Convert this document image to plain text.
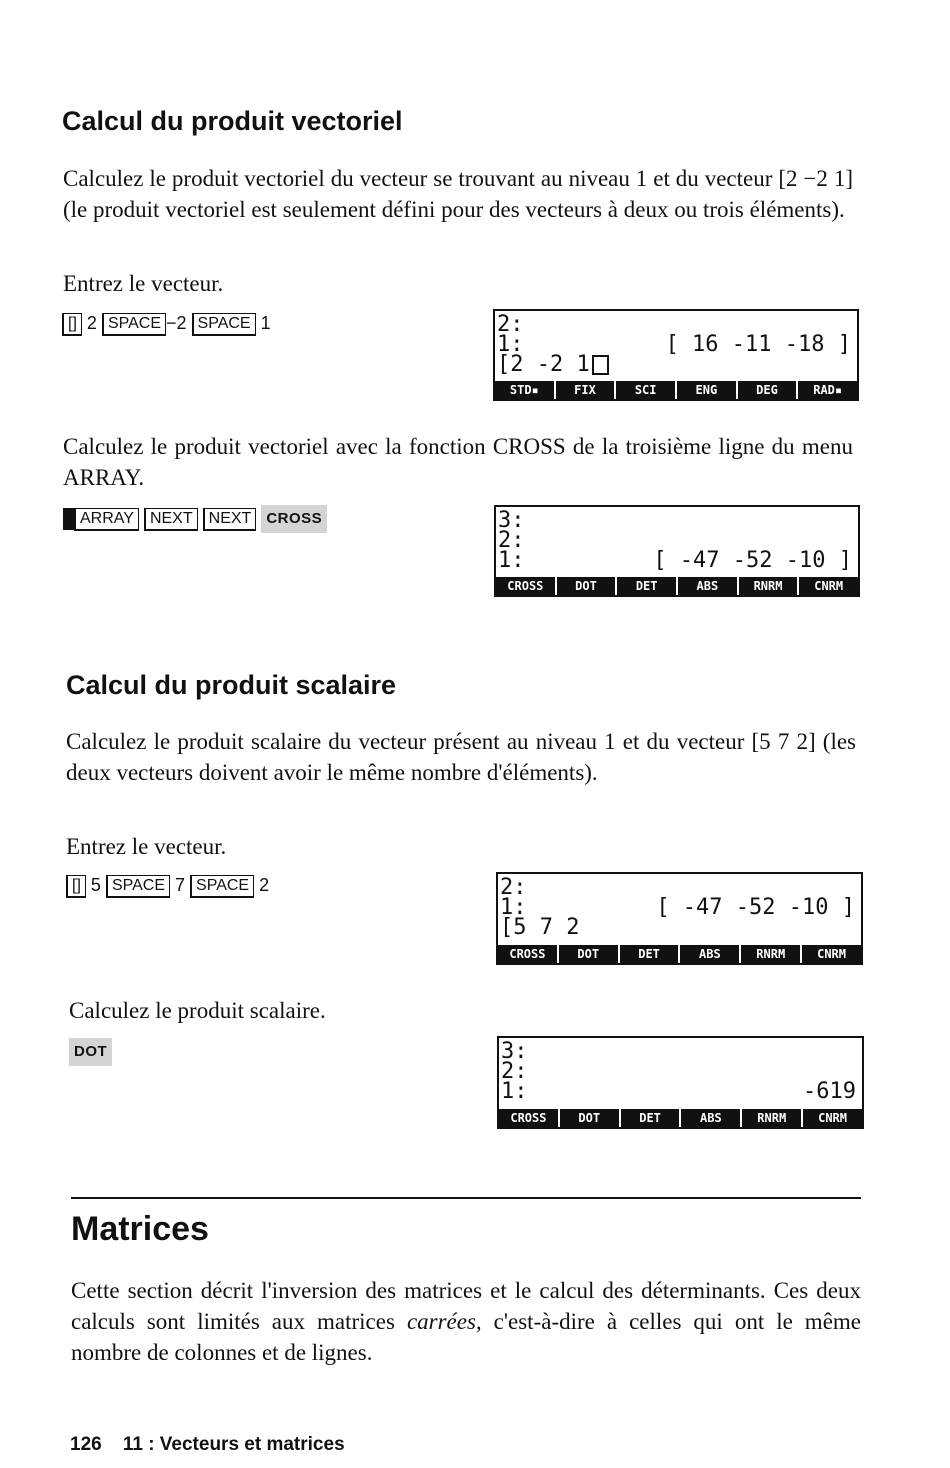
Calcul du produit vectoriel
Calculez le produit vectoriel du vecteur se trouvant au niveau 1 et du vecteur [2 −2 1] (le produit vectoriel est seulement défini pour des vecteurs à deux ou trois éléments).
Entrez le vecteur.
[] 2 SPACE −2 SPACE 1	2:
1:	[ 16 -11 -18 ]
[2 -2 1
STD▪	FIX	SCI	ENG	DEG	RAD▪
Calculez le produit vectoriel avec la fonction CROSS de la troisième ligne du menu ARRAY.
ARRAY NEXT NEXT CROSS	3:
2:
1:	[ -47 -52 -10 ]
CROSS	DOT	DET	ABS	RNRM	CNRM
Calcul du produit scalaire
Calculez le produit scalaire du vecteur présent au niveau 1 et du vecteur [5 7 2] (les deux vecteurs doivent avoir le même nombre d'éléments).
Entrez le vecteur.
[] 5 SPACE 7 SPACE 2	2:
1:	[ -47 -52 -10 ]
[5 7 2
CROSS	DOT	DET	ABS	RNRM	CNRM
Calculez le produit scalaire.
DOT	3:
2:
1:	-619
CROSS	DOT	DET	ABS	RNRM	CNRM
Matrices
Cette section décrit l'inversion des matrices et le calcul des déterminants. Ces deux calculs sont limités aux matrices carrées, c'est-à-dire à celles qui ont le même nombre de colonnes et de lignes.
126 11 : Vecteurs et matrices
